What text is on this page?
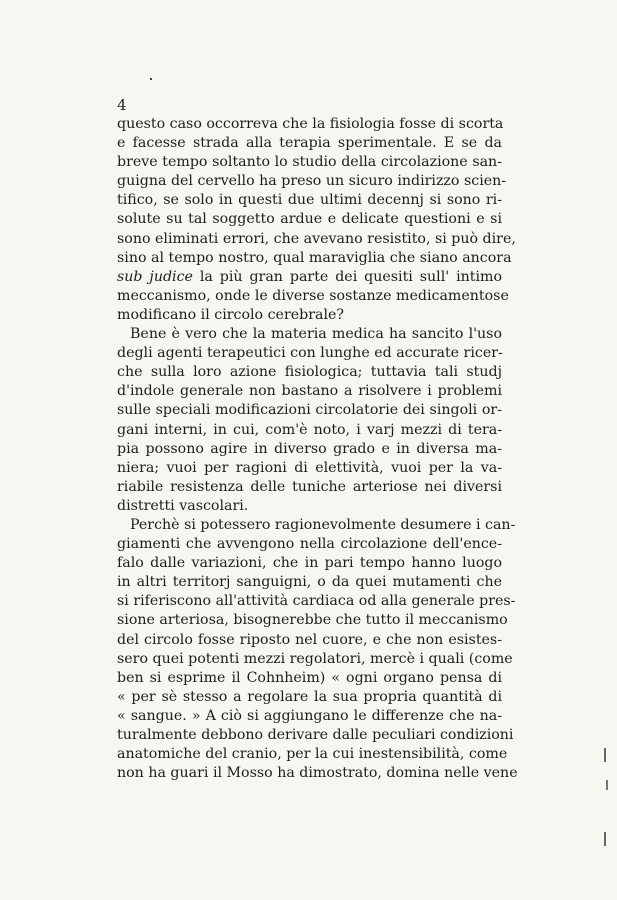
4
questo caso occorreva che la fisiologia fosse di scorta
e facesse strada alla terapia sperimentale. E se da
breve tempo soltanto lo studio della circolazione san-
guigna del cervello ha preso un sicuro indirizzo scien-
tifico, se solo in questi due ultimi decennj si sono ri-
solute su tal soggetto ardue e delicate questioni e si
sono eliminati errori, che avevano resistito, si può dire,
sino al tempo nostro, qual maraviglia che siano ancora
sub judice la più gran parte dei quesiti sull' intimo
meccanismo, onde le diverse sostanze medicamentose
modificano il circolo cerebrale?
Bene è vero che la materia medica ha sancito l'uso
degli agenti terapeutici con lunghe ed accurate ricer-
che sulla loro azione fisiologica; tuttavia tali studj
d'indole generale non bastano a risolvere i problemi
sulle speciali modificazioni circolatorie dei singoli or-
gani interni, in cui, com'è noto, i varj mezzi di tera-
pia possono agire in diverso grado e in diversa ma-
niera; vuoi per ragioni di elettività, vuoi per la va-
riabile resistenza delle tuniche arteriose nei diversi
distretti vascolari.
Perchè si potessero ragionevolmente desumere i can-
giamenti che avvengono nella circolazione dell'ence-
falo dalle variazioni, che in pari tempo hanno luogo
in altri territorj sanguigni, o da quei mutamenti che
si riferiscono all'attività cardiaca od alla generale pres-
sione arteriosa, bisognerebbe che tutto il meccanismo
del circolo fosse riposto nel cuore, e che non esistes-
sero quei potenti mezzi regolatori, mercè i quali (come
ben si esprime il Cohnheim) « ogni organo pensa di
« per sè stesso a regolare la sua propria quantità di
« sangue. » A ciò si aggiungano le differenze che na-
turalmente debbono derivare dalle peculiari condizioni
anatomiche del cranio, per la cui inestensibilità, come
non ha guari il Mosso ha dimostrato, domina nelle vene
